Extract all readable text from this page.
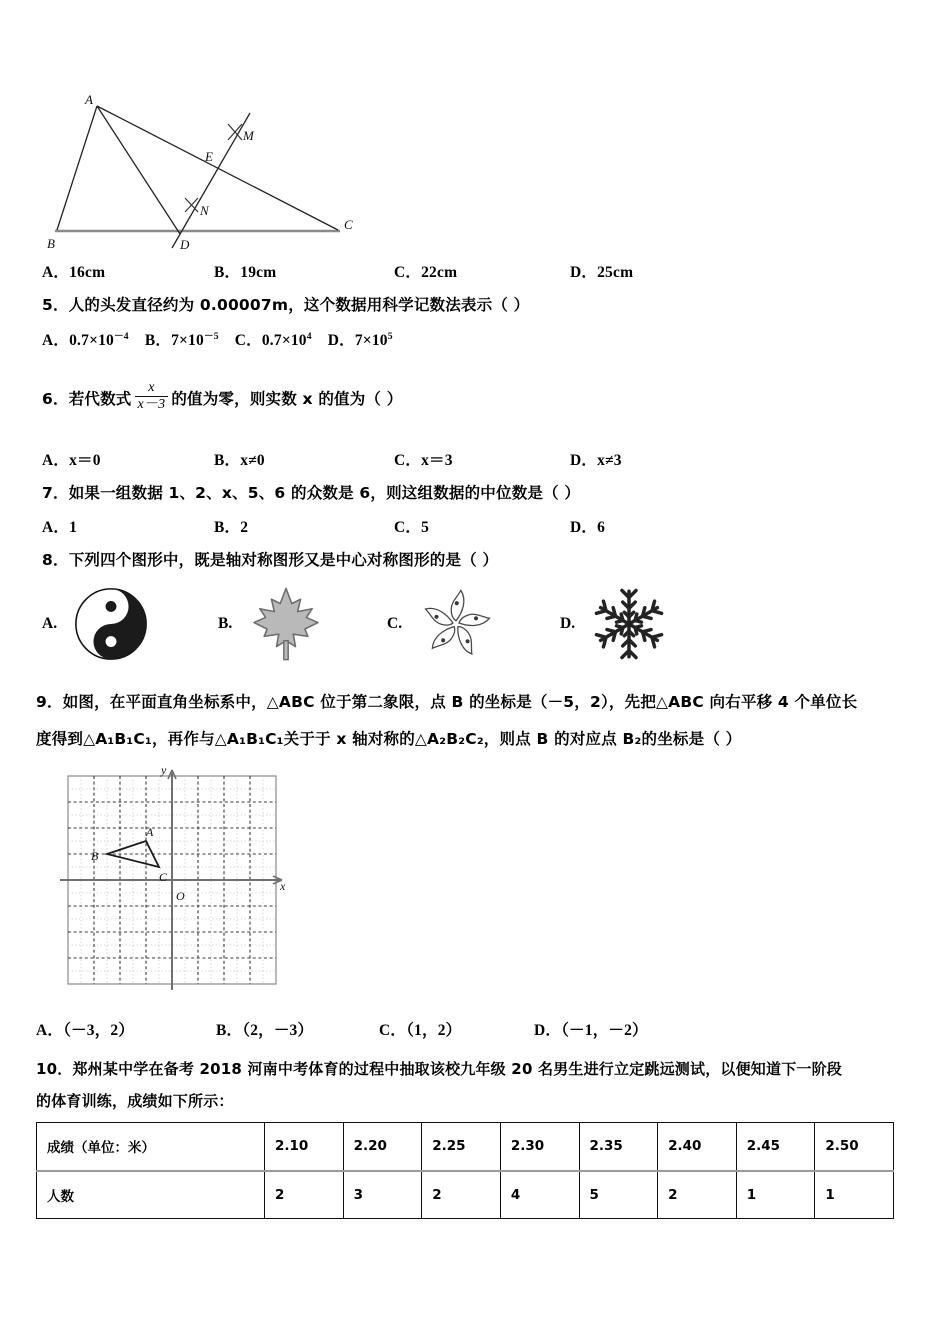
A
B
C
D
E
M
N
A．16cm	B．19cm	C．22cm	D．25cm
5．人的头发直径约为 0.00007m，这个数据用科学记数法表示（ ）
A．$0.7\times 10^{-4}$ B．$7\times 10^{-5}$ C．$0.7\times 10^4$ D．$7\times 10^5$
6． 若代数式 $\frac{x}{x-3}$ 的值为零，则实数 x 的值为（ ）
A．x＝0	B．x≠0	C．x＝3	D．x≠3
7．如果一组数据 1、2、x、5、6 的众数是 6，则这组数据的中位数是（ ）
A．1	B．2	C．5	D．6
8．下列四个图形中，既是轴对称图形又是中心对称图形的是（ ）
A.	B.	C.	D.
9．如图，在平面直角坐标系中，△ABC 位于第二象限，点 B 的坐标是（－5，2），先把△ABC 向右平移 4 个单位长
度得到△A₁B₁C₁，再作与△A₁B₁C₁关于于 x 轴对称的△A₂B₂C₂，则点 B 的对应点 B₂的坐标是（ ）
A
B
C
O
y
x
A．（－3，2）	B．（2，－3）	C．（1，2）	D．（－1，－2）
10．郑州某中学在备考 2018 河南中考体育的过程中抽取该校九年级 20 名男生进行立定跳远测试，以便知道下一阶段
的体育训练，成绩如下所示：
成绩（单位：米）	2.10	2.20	2.25	2.30	2.35	2.40	2.45	2.50
人数	2	3	2	4	5	2	1	1
